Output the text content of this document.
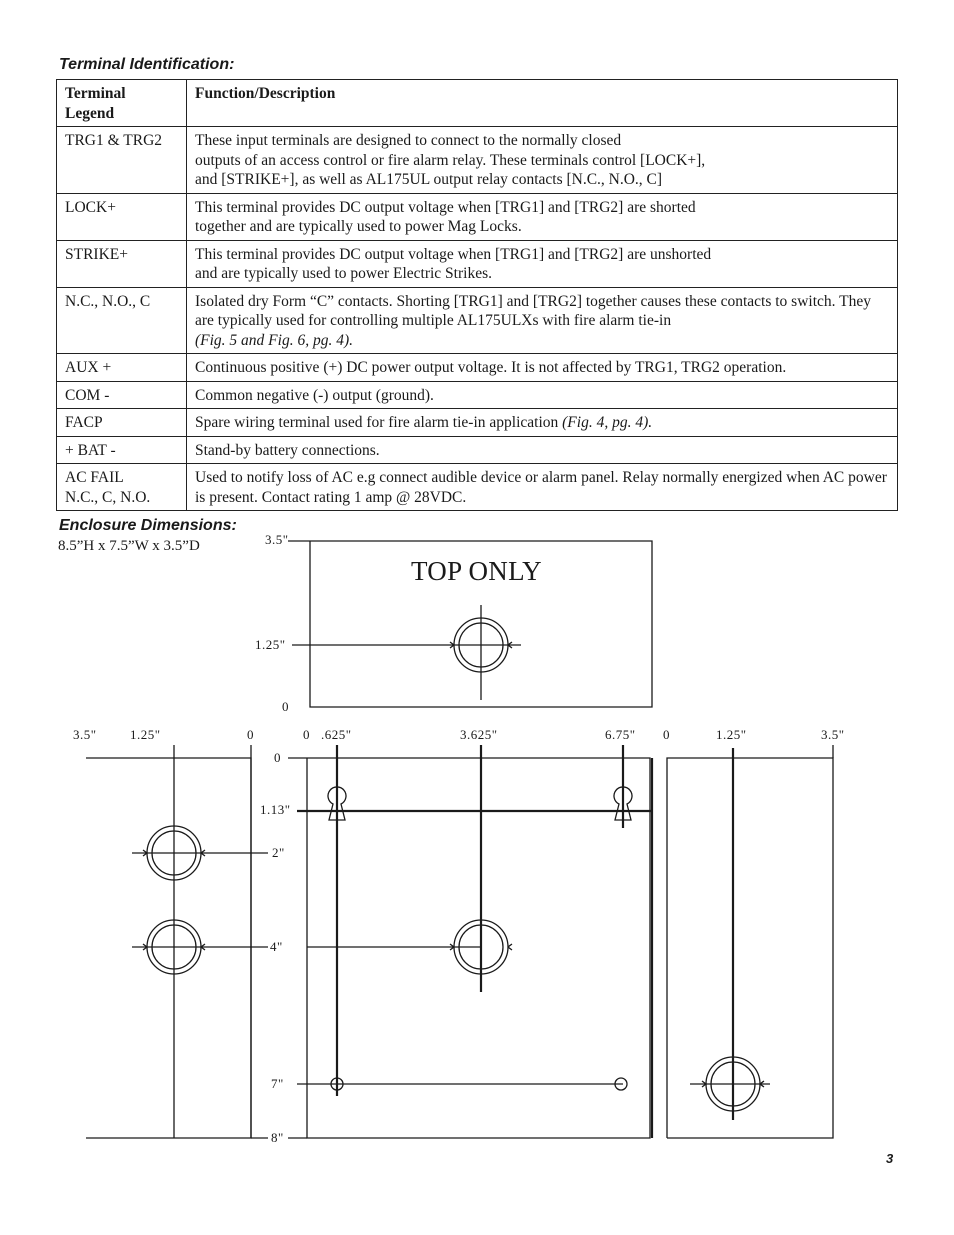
Terminal Identification:
Terminal
Legend	Function/Description
TRG1 & TRG2	These input terminals are designed to connect to the normally closed
outputs of an access control or fire alarm relay. These terminals control [LOCK+],
and [STRIKE+], as well as AL175UL output relay contacts [N.C., N.O., C]
LOCK+	This terminal provides DC output voltage when [TRG1] and [TRG2] are shorted
together and are typically used to power Mag Locks.
STRIKE+	This terminal provides DC output voltage when [TRG1] and [TRG2] are unshorted
and are typically used to power Electric Strikes.
N.C., N.O., C	Isolated dry Form “C” contacts. Shorting [TRG1] and [TRG2] together causes these contacts to switch. They are typically used for controlling multiple AL175ULXs with fire alarm tie-in
(Fig. 5 and Fig. 6, pg. 4).
AUX +	Continuous positive (+) DC power output voltage. It is not affected by TRG1, TRG2 operation.
COM -	Common negative (-) output (ground).
FACP	Spare wiring terminal used for fire alarm tie-in application (Fig. 4, pg. 4).
+ BAT -	Stand-by battery connections.
AC FAIL
N.C., C, N.O.	Used to notify loss of AC e.g connect audible device or alarm panel. Relay normally energized when AC power is present. Contact rating 1 amp @ 28VDC.
Enclosure Dimensions:
8.5”H x 7.5”W x 3.5”D
TOP ONLY
3.5"
1.25"
0
3.5"	1.25"	0	0 .625"	3.625"	6.75" 0	1.25"	3.5"
0
1.13"
2"
4"
7"
8"
3
